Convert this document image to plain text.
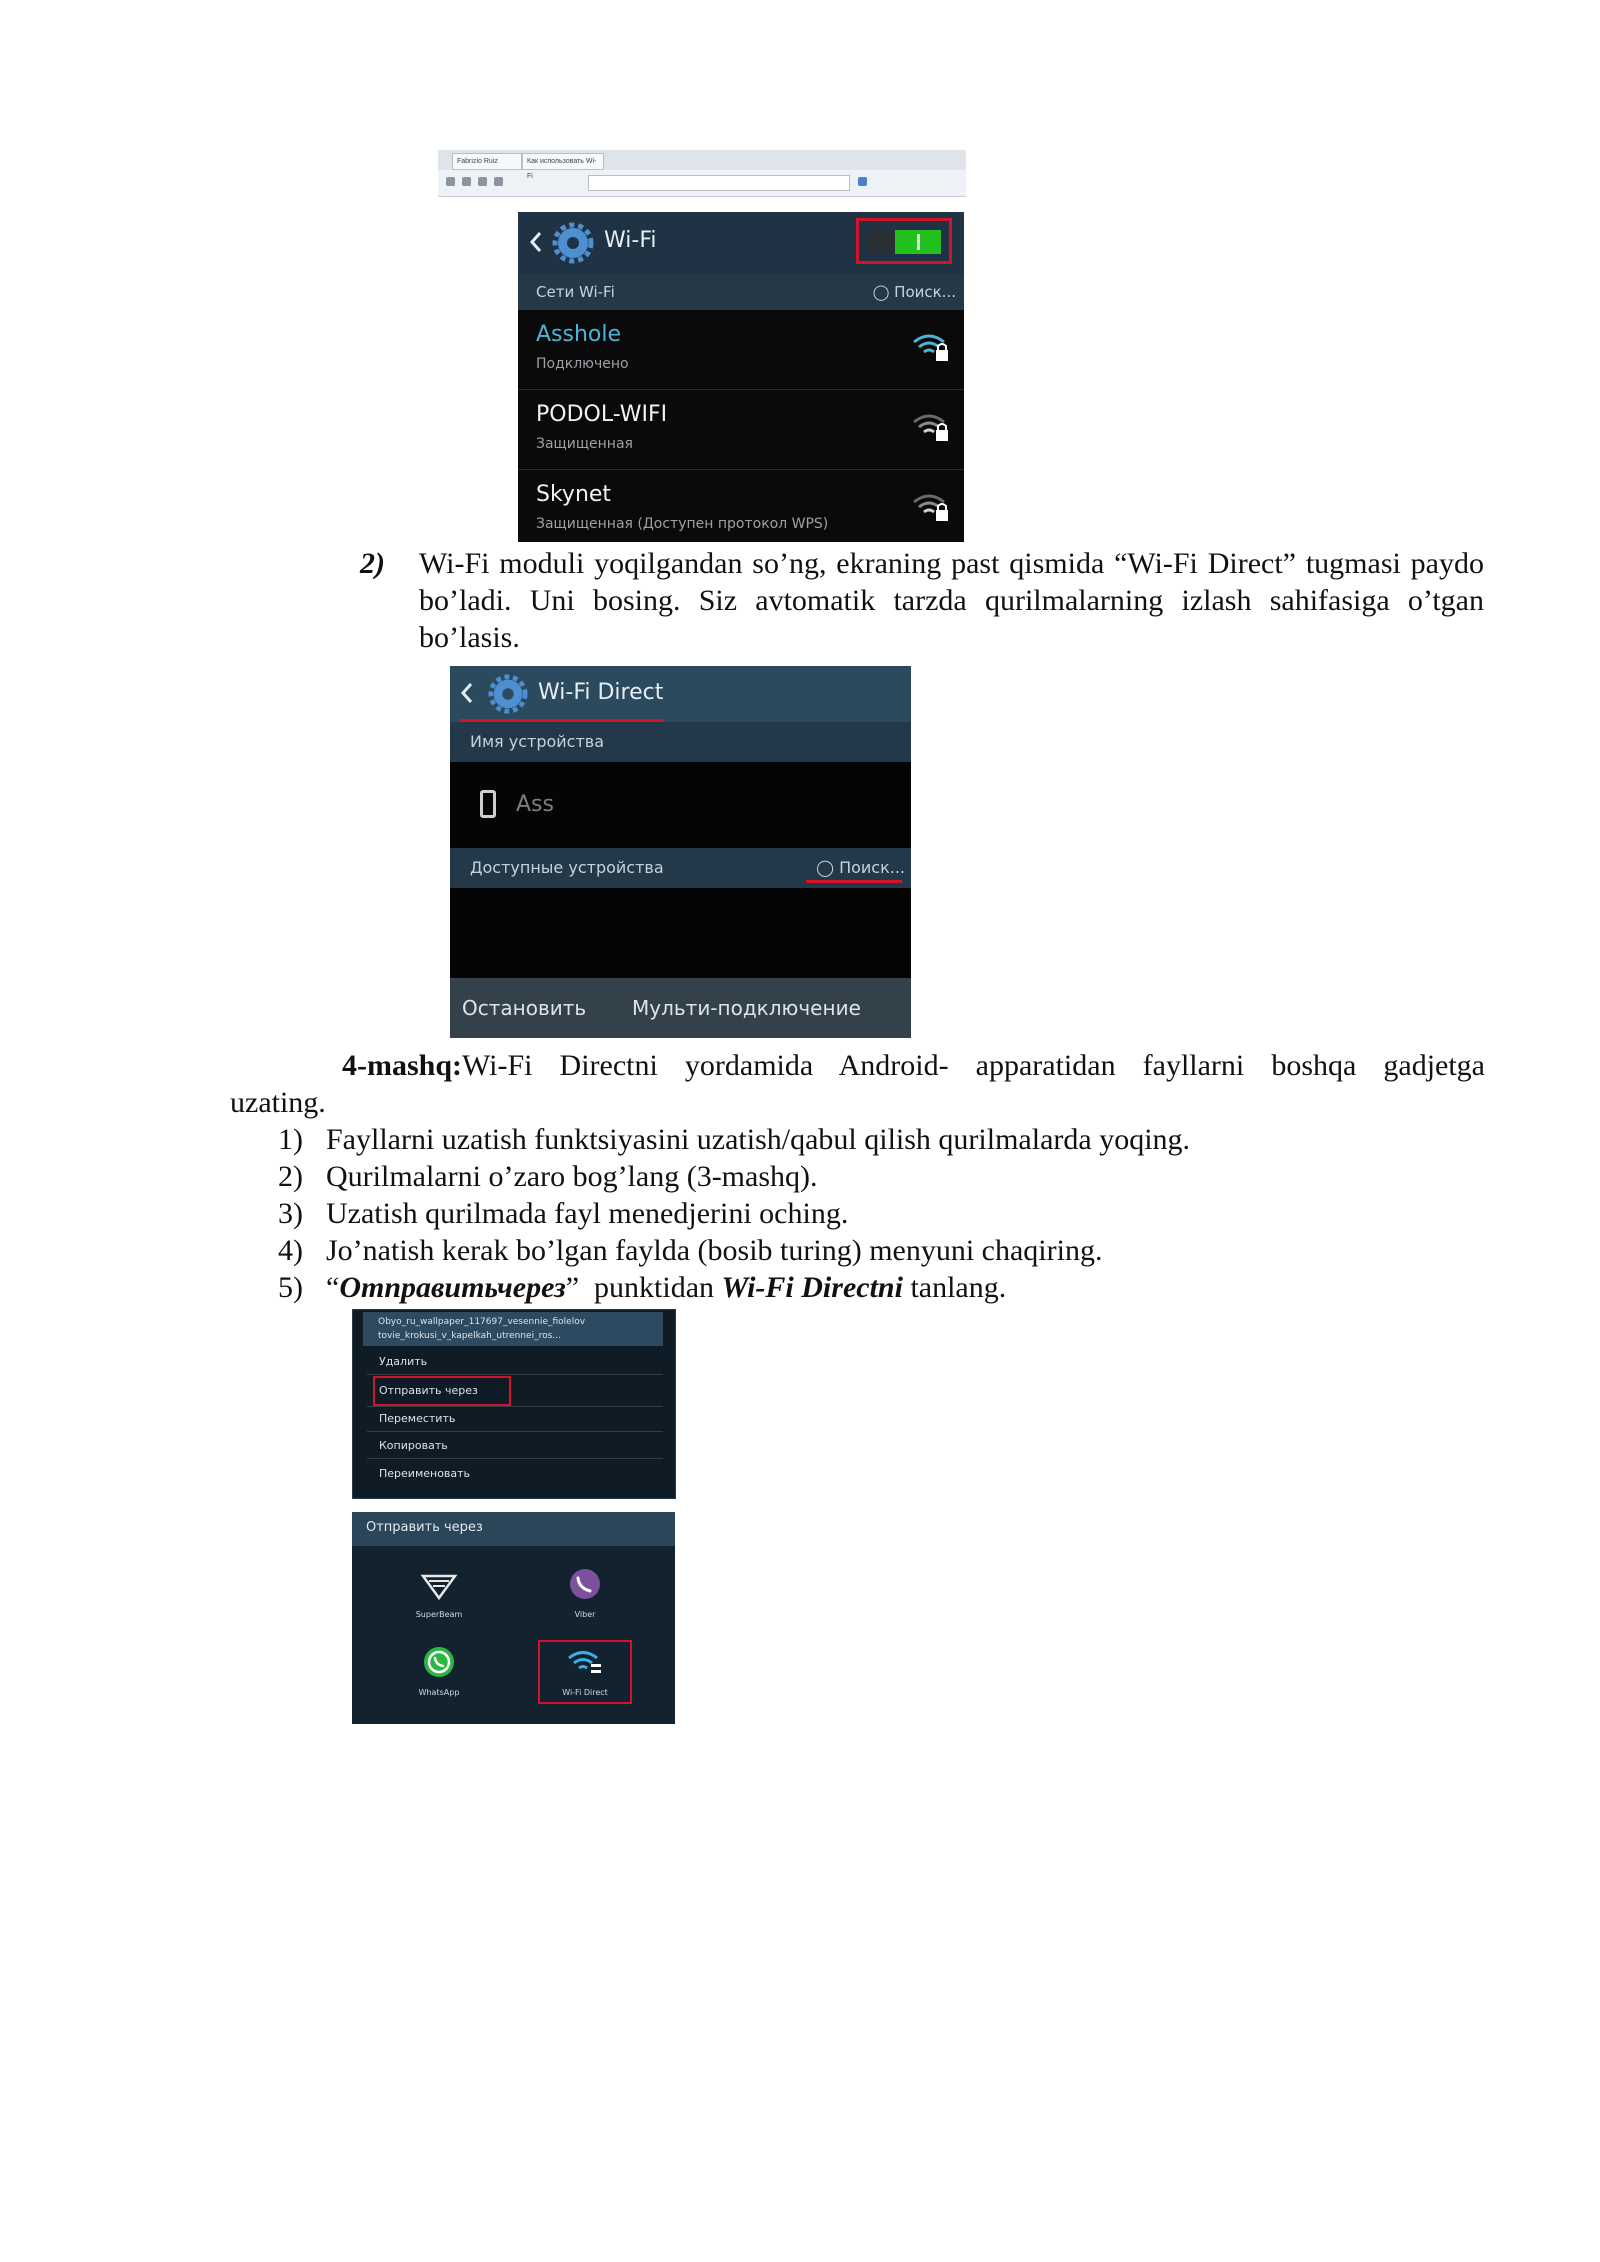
Fabrizio Ruiz	Как использовать Wi-Fi
Wi-Fi
Сети Wi-Fi	◯ Поиск...
Asshole
Подключено
PODOL-WIFI
Защищенная
Skynet
Защищенная (Доступен протокол WPS)
2)	Wi-Fi moduli yoqilgandan so’ng, ekraning past qismida “Wi-Fi Direct” tugmasi paydo bo’ladi. Uni bosing. Siz avtomatik tarzda qurilmalarning izlash sahifasiga o’tgan bo’lasis.
Wi-Fi Direct
Имя устройства
Ass
Доступные устройства	◯ Поиск...
Остановить Мульти-подключение
4-mashq:Wi-Fi Directni yordamida Android- apparatidan fayllarni boshqa gadjetga
uzating.
1) Fayllarni uzatish funktsiyasini uzatish/qabul qilish qurilmalarda yoqing.
2) Qurilmalarni o’zaro bog’lang (3-mashq).
3) Uzatish qurilmada fayl menedjerini oching.
4) Jo’natish kerak bo’lgan faylda (bosib turing) menyuni chaqiring.
5) “Отправитьчерез”  punktidan Wi-Fi Directni tanlang.
Obyo_ru_wallpaper_117697_vesennie_fiolelov
tovie_krokusi_v_kapelkah_utrennei_ros...
Удалить
Отправить через
Переместить
Копировать
Переименовать
Отправить через
SuperBeam	Viber
WhatsApp	Wi-Fi Direct
